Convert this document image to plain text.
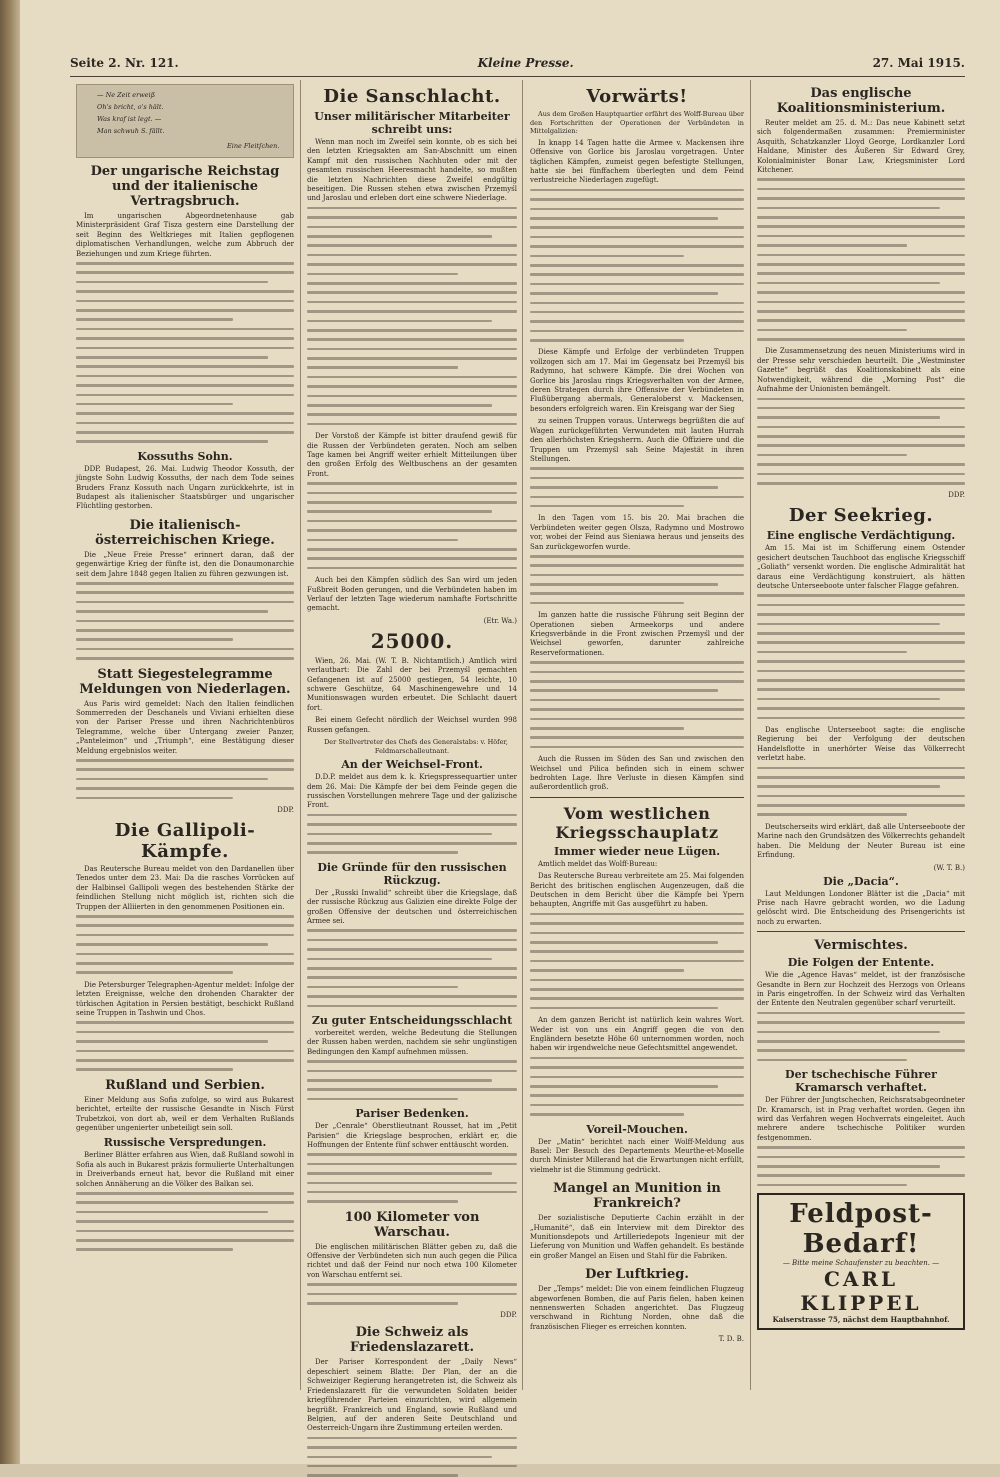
Seite 2. Nr. 121.	Kleine Presse.	27. Mai 1915.
— Ne Zeit erweiß
Oh's bricht, o's hält.
Was kraf ist legt. —
Man schwuh S. fällt.
Eine Fleitſchen.
Der ungarische Reichstag und der italienische Vertragsbruch.

Im ungarischen Abgeordnetenhause gab Ministerpräsident Graf Tisza gestern eine Darstellung der seit Beginn des Weltkrieges mit Italien gepflogenen diplomatischen Verhandlungen, welche zum Abbruch der Beziehungen und zum Kriege führten.

Kossuths Sohn.

DDP. Budapest, 26. Mai. Ludwig Theodor Kossuth, der jüngste Sohn Ludwig Kossuths, der nach dem Tode seines Bruders Franz Kossuth nach Ungarn zurückkehrte, ist in Budapest als italienischer Staatsbürger und ungarischer Flüchtling gestorben.

Die italienisch-österreichischen Kriege.

Die „Neue Freie Presse“ erinnert daran, daß der gegenwärtige Krieg der fünfte ist, den die Donaumonarchie seit dem Jahre 1848 gegen Italien zu führen gezwungen ist.

Statt Siegestelegramme Meldungen von Niederlagen.

Aus Paris wird gemeldet: Nach den Italien feindlichen Sommerreden der Deschanels und Viviani erhielten diese von der Pariser Presse und ihren Nachrichtenbüros Telegramme, welche über Untergang zweier Panzer, „Panteleimon“ und „Triumph“, eine Bestätigung dieser Meldung ergebnislos weiter.

DDP.
Die Gallipoli-Kämpfe.

Das Reutersche Bureau meldet von den Dardanellen über Tenedos unter dem 23. Mai: Da die rasches Vorrücken auf der Halbinsel Gallipoli wegen des bestehenden Stärke der feindlichen Stellung nicht möglich ist, richten sich die Truppen der Alliierten in den genommenen Positionen ein.

Die Petersburger Telegraphen-Agentur meldet: Infolge der letzten Ereignisse, welche den drohenden Charakter der türkischen Agitation in Persien bestätigt, beschickt Rußland seine Truppen in Tashwin und Chos.

Rußland und Serbien.

Einer Meldung aus Sofia zufolge, so wird aus Bukarest berichtet, erteilte der russische Gesandte in Nisch Fürst Trubetzkoi, von dort ab, weil er dem Verhalten Rußlands gegenüber ungenierter unbeteiligt sein soll.

Russische Verspredungen.

Berliner Blätter erfahren aus Wien, daß Rußland sowohl in Sofia als auch in Bukarest präzis formulierte Unterhaltungen in Dreiverbands erneut hat, bevor die Rußland mit einer solchen Annäherung an die Völker des Balkan sei.

Die Sanschlacht.
Unser militärischer Mitarbeiter schreibt uns:

Wenn man noch im Zweifel sein konnte, ob es sich bei den letzten Kriegsakten am San-Abschnitt um einen Kampf mit den russischen Nachhuten oder mit der gesamten russischen Heeresmacht handelte, so mußten die letzten Nachrichten diese Zweifel endgültig beseitigen. Die Russen stehen etwa zwischen Przemyśl und Jaroslau und erleben dort eine schwere Niederlage.

Der Vorstoß der Kämpfe ist bitter draufend gewiß für die Russen der Verbündeten geraten. Noch am selben Tage kamen bei Angriff weiter erhielt Mitteilungen über den großen Erfolg des Weltbuschens an der gesamten Front.

Auch bei den Kämpfen südlich des San wird um jeden Fußbreit Boden gerungen, und die Verbündeten haben im Verlauf der letzten Tage wiederum namhafte Fortschritte gemacht.

(Etr. Wa.)
25000.

Wien, 26. Mai. (W. T. B. Nichtamtlich.) Amtlich wird verlautbart: Die Zahl der bei Przemyśl gemachten Gefangenen ist auf 25000 gestiegen, 54 leichte, 10 schwere Geschütze, 64 Maschinengewehre und 14 Munitionswagen wurden erbeutet. Die Schlacht dauert fort.

Bei einem Gefecht nördlich der Weichsel wurden 998 Russen gefangen.

Der Stellvertreter des Chefs des Generalstabs: v. Höfer, Feldmarschalleutnant.

An der Weichsel-Front.

D.D.P. meldet aus dem k. k. Kriegspressequartier unter dem 26. Mai: Die Kämpfe der bei dem Feinde gegen die russischen Vorstellungen mehrere Tage und der galizische Front.

Die Gründe für den russischen Rückzug.

Der „Russki Inwalid“ schreibt über die Kriegslage, daß der russische Rückzug aus Galizien eine direkte Folge der großen Offensive der deutschen und österreichischen Armee sei.

Zu guter Entscheidungsschlacht

vorbereitet werden, welche Bedeutung die Stellungen der Russen haben werden, nachdem sie sehr ungünstigen Bedingungen den Kampf aufnehmen müssen.

Pariser Bedenken.

Der „Cenrale“ Oberstlieutnant Rousset, hat im „Petit Parisien“ die Kriegslage besprochen, erklärt er, die Hoffnungen der Entente fünf schwer enttäuscht worden.

100 Kilometer von Warschau.

Die englischen militärischen Blätter geben zu, daß die Offensive der Verbündeten sich nun auch gegen die Pilica richtet und daß der Feind nur noch etwa 100 Kilometer von Warschau entfernt sei.

DDP.
Die Schweiz als Friedenslazarett.

Der Pariser Korrespondent der „Daily News“ depeschiert seinem Blatte: Der Plan, der an die Schweiziger Regierung herangetreten ist, die Schweiz als Friedenslazarett für die verwundeten Soldaten beider kriegführender Parteien einzurichten, wird allgemein begrüßt. Frankreich und England, sowie Rußland und Belgien, auf der anderen Seite Deutschland und Oesterreich-Ungarn ihre Zustimmung erteilen werden.

Vorwärts!

Aus dem Großen Hauptquartier erfährt des Wolff-Bureau über den Fortschritten der Operationen der Verbündeten in Mittelgalizien:

In knapp 14 Tagen hatte die Armee v. Mackensen ihre Offensive von Gorlice bis Jaroslau vorgetragen. Unter täglichen Kämpfen, zumeist gegen befestigte Stellungen, hatte sie bei fünffachem überlegten und dem Feind verlustreiche Niederlagen zugefügt.

Diese Kämpfe und Erfolge der verbündeten Truppen vollzogen sich am 17. Mai im Gegensatz bei Przemyśl bis Radymno, hat schwere Kämpfe. Die drei Wochen von Gorlice bis Jaroslau rings Kriegsverhalten von der Armee, deren Strategen durch ihre Offensive der Verbündeten in Flußübergang abermals, Generaloberst v. Mackensen, besonders erfolgreich waren. Ein Kreisgang war der Sieg

zu seinen Truppen voraus. Unterwegs begrüßten die auf Wagen zurückgeführten Verwundeten mit lauten Hurrah den allerhöchsten Kriegsherrn. Auch die Offiziere und die Truppen um Przemyśl sah Seine Majestät in ihren Stellungen.

In den Tagen vom 15. bis 20. Mai brachen die Verbündeten weiter gegen Olsza, Radymno und Mostrowo vor, wobei der Feind aus Sieniawa heraus und jenseits des San zurückgeworfen wurde.

Im ganzen hatte die russische Führung seit Beginn der Operationen sieben Armeekorps und andere Kriegsverbände in die Front zwischen Przemyśl und der Weichsel geworfen, darunter zahlreiche Reserveformationen.

Auch die Russen im Süden des San und zwischen den Weichsel und Pilica befinden sich in einem schwer bedrohten Lage. Ihre Verluste in diesen Kämpfen sind außerordentlich groß.

Vom westlichen Kriegsschauplatz
Immer wieder neue Lügen.

Amtlich meldet das Wolff-Bureau:

Das Reutersche Bureau verbreitete am 25. Mai folgenden Bericht des britischen englischen Augenzeugen, daß die Deutschen in dem Bericht über die Kämpfe bei Ypern behaupten, Angriffe mit Gas ausgeführt zu haben.

An dem ganzen Bericht ist natürlich kein wahres Wort. Weder ist von uns ein Angriff gegen die von den Engländern besetzte Höhe 60 unternommen worden, noch haben wir irgendwelche neue Gefechtsmittel angewendet.

Voreil-Mouchen.

Der „Matin“ berichtet nach einer Wolff-Meldung aus Basel: Der Besuch des Departements Meurthe-et-Moselle durch Minister Millerand hat die Erwartungen nicht erfüllt, vielmehr ist die Stimmung gedrückt.

Mangel an Munition in Frankreich?

Der sozialistische Deputierte Cachin erzählt in der „Humanité“, daß ein Interview mit dem Direktor des Munitionsdepots und Artilleriedepots Ingenieur mit der Lieferung von Munition und Waffen gehandelt. Es bestände ein großer Mangel an Eisen und Stahl für die Fabriken.

Der Luftkrieg.

Der „Temps“ meldet: Die von einem feindlichen Flugzeug abgeworfenen Bomben, die auf Paris fielen, haben keinen nennenswerten Schaden angerichtet. Das Flugzeug verschwand in Richtung Norden, ohne daß die französischen Flieger es erreichen konnten.

T. D. B.
Das englische Koalitionsministerium.

Reuter meldet am 25. d. M.: Das neue Kabinett setzt sich folgendermaßen zusammen: Premierminister Asquith, Schatzkanzler Lloyd George, Lordkanzler Lord Haldane, Minister des Äußeren Sir Edward Grey, Kolonialminister Bonar Law, Kriegsminister Lord Kitchener.

Die Zusammensetzung des neuen Ministeriums wird in der Presse sehr verschieden beurteilt. Die „Westminster Gazette“ begrüßt das Koalitionskabinett als eine Notwendigkeit, während die „Morning Post“ die Aufnahme der Unionisten bemängelt.

DDP.
Der Seekrieg.
Eine englische Verdächtigung.

Am 15. Mai ist im Schifferung einem Ostender gesichert deutschen Tauchboot das englische Kriegsschiff „Goliath“ versenkt worden. Die englische Admiralität hat daraus eine Verdächtigung konstruiert, als hätten deutsche Unterseeboote unter falscher Flagge gefahren.

Das englische Unterseeboot sagte: die englische Regierung bei der Verfolgung der deutschen Handelsflotte in unerhörter Weise das Völkerrecht verletzt habe.

Deutscherseits wird erklärt, daß alle Unterseeboote der Marine nach den Grundsätzen des Völkerrechts gehandelt haben. Die Meldung der Neuter Bureau ist eine Erfindung.

(W. T. B.)
Die „Dacia“.

Laut Meldungen Londoner Blätter ist die „Dacia“ mit Prise nach Havre gebracht worden, wo die Ladung gelöscht wird. Die Entscheidung des Prisengerichts ist noch zu erwarten.

Vermischtes.
Die Folgen der Entente.

Wie die „Agence Havas“ meldet, ist der französische Gesandte in Bern zur Hochzeit des Herzogs von Orleans in Paris eingetroffen. In der Schweiz wird das Verhalten der Entente den Neutralen gegenüber scharf verurteilt.

Der tschechische Führer Kramarsch verhaftet.

Der Führer der Jungtschechen, Reichsratsabgeordneter Dr. Kramarsch, ist in Prag verhaftet worden. Gegen ihn wird das Verfahren wegen Hochverrats eingeleitet. Auch mehrere andere tschechische Politiker wurden festgenommen.

Feldpost-Bedarf!
— Bitte meine Schaufenster zu beachten. —
CARL KLIPPEL
Kaiserstrasse 75, nächst dem Hauptbahnhof.
